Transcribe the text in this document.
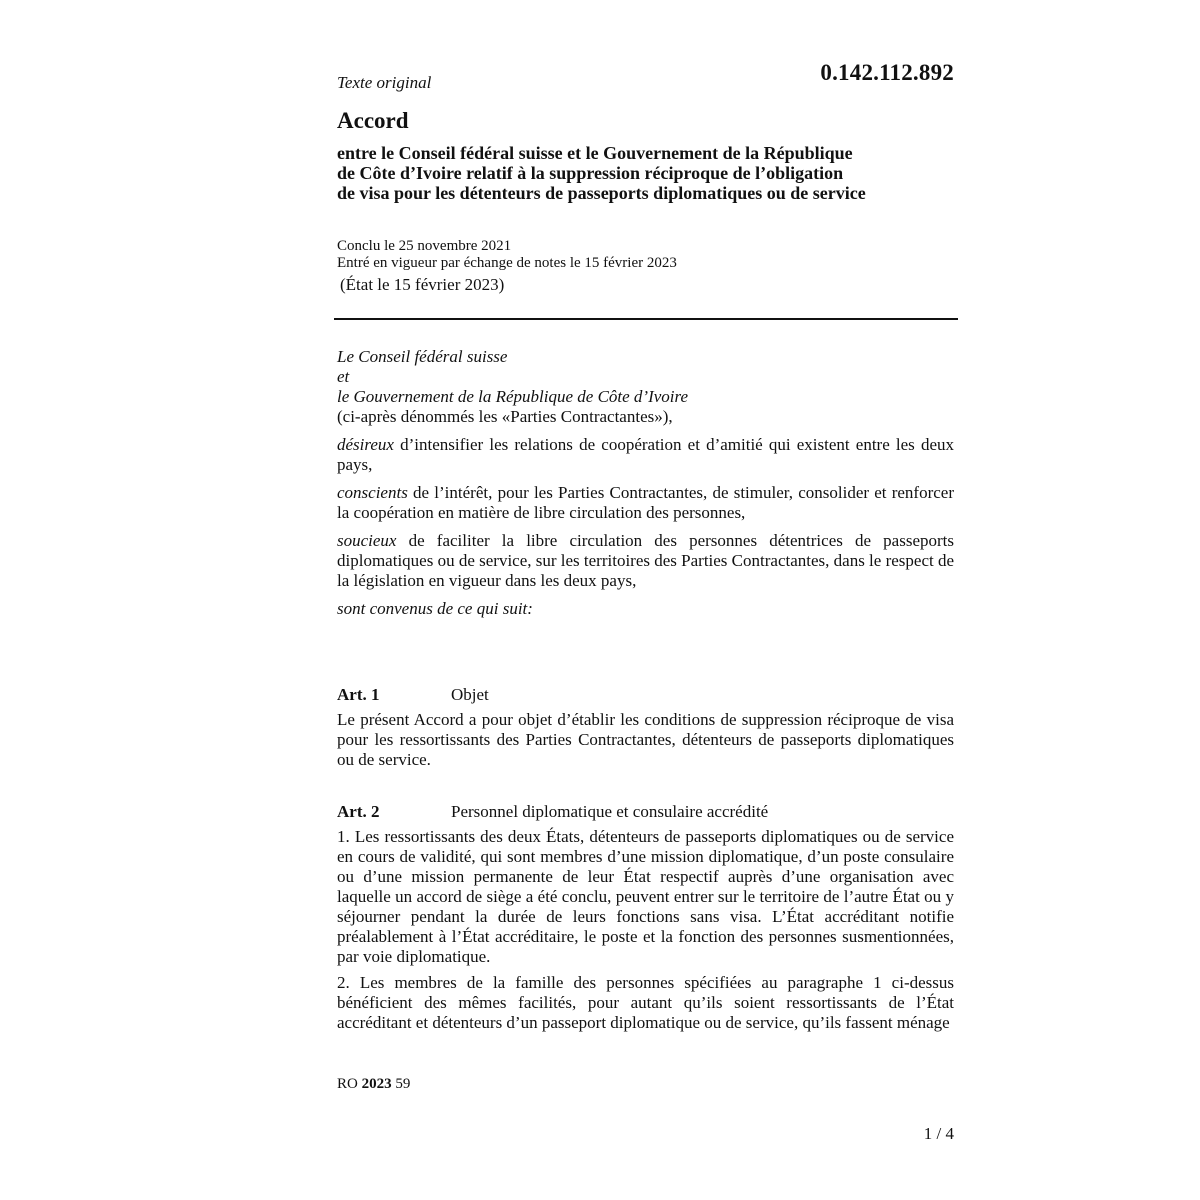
0.142.112.892
Texte original
Accord
entre le Conseil fédéral suisse et le Gouvernement de la République
de Côte d’Ivoire relatif à la suppression réciproque de l’obligation
de visa pour les détenteurs de passeports diplomatiques ou de service
Conclu le 25 novembre 2021
Entré en vigueur par échange de notes le 15 février 2023
(État le 15 février 2023)
Le Conseil fédéral suisse
et
le Gouvernement de la République de Côte d’Ivoire
(ci-après dénommés les «Parties Contractantes»),

désireux d’intensifier les relations de coopération et d’amitié qui existent entre les deux pays,

conscients de l’intérêt, pour les Parties Contractantes, de stimuler, consolider et renforcer la coopération en matière de libre circulation des personnes,

soucieux de faciliter la libre circulation des personnes détentrices de passeports diplomatiques ou de service, sur les territoires des Parties Contractantes, dans le respect de la législation en vigueur dans les deux pays,

sont convenus de ce qui suit:

Art. 1	Objet

Le présent Accord a pour objet d’établir les conditions de suppression réciproque de visa pour les ressortissants des Parties Contractantes, détenteurs de passeports diplomatiques ou de service.

Art. 2	Personnel diplomatique et consulaire accrédité

1. Les ressortissants des deux États, détenteurs de passeports diplomatiques ou de service en cours de validité, qui sont membres d’une mission diplomatique, d’un poste consulaire ou d’une mission permanente de leur État respectif auprès d’une organisation avec laquelle un accord de siège a été conclu, peuvent entrer sur le territoire de l’autre État ou y séjourner pendant la durée de leurs fonctions sans visa. L’État accréditant notifie préalablement à l’État accréditaire, le poste et la fonction des personnes susmentionnées, par voie diplomatique.

2. Les membres de la famille des personnes spécifiées au paragraphe 1 ci-dessus bénéficient des mêmes facilités, pour autant qu’ils soient ressortissants de l’État accréditant et détenteurs d’un passeport diplomatique ou de service, qu’ils fassent ménage

RO 2023 59
1 / 4
